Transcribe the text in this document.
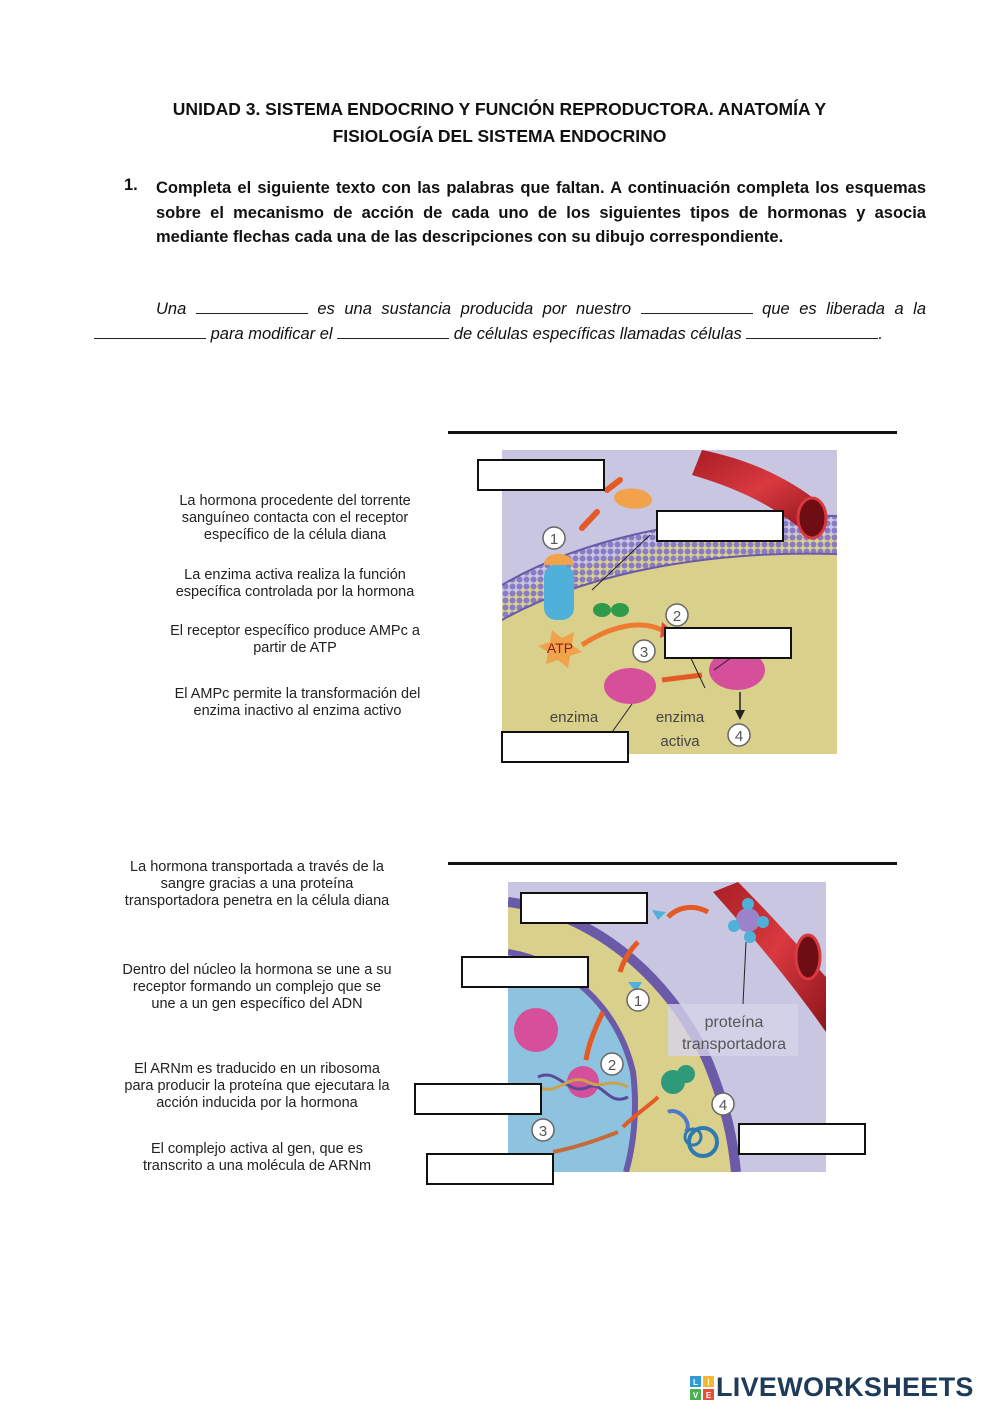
UNIDAD 3. SISTEMA ENDOCRINO Y FUNCIÓN REPRODUCTORA. ANATOMÍA Y
FISIOLOGÍA DEL SISTEMA ENDOCRINO
1. Completa el siguiente texto con las palabras que faltan. A continuación completa los esquemas sobre el mecanismo de acción de cada uno de los siguientes tipos de hormonas y asocia mediante flechas cada una de las descripciones con su dibujo correspondiente.
Una	es una sustancia producida por nuestro	que es liberada a la  para modificar el	de células específicas llamadas células	.
La hormona procedente del torrente sanguíneo contacta con el receptor específico de la célula diana
La enzima activa realiza la función específica controlada por la hormona
El receptor específico produce AMPc a partir de ATP
El AMPc permite la transformación del enzima inactivo al enzima activo
1
2
3
4
ATP
enzima	enzima
activa
La hormona transportada a través de la sangre gracias a una proteína transportadora penetra en la célula diana
Dentro del núcleo la hormona se une a su receptor formando un complejo que se une a un gen específico del ADN
El ARNm es traducido en un ribosoma para producir la proteína que ejecutara la acción inducida por la hormona
El complejo activa al gen, que es transcrito a una molécula de ARNm
1
2
3
4
proteína
transportadora
L I
V E LIVEWORKSHEETS
